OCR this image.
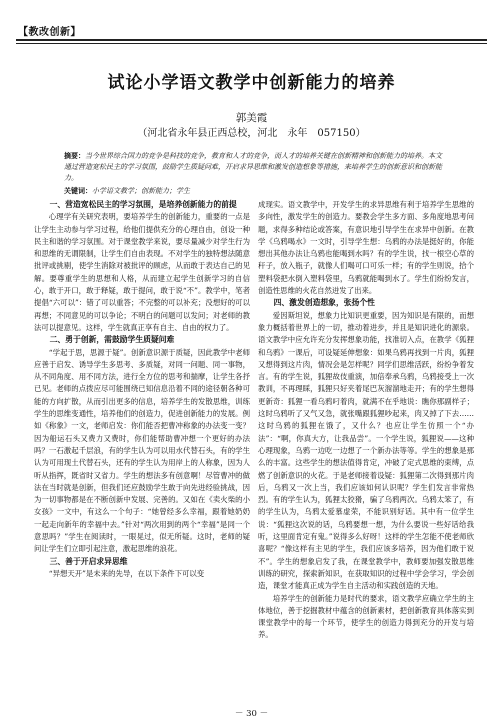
【教改创新】
试论小学语文教学中创新能力的培养
郭美霞
（河北省永年县正西总校，河北　永年　057150）
摘要：当今世界综合国力的竞争是科技的竞争，教育和人才的竞争，而人才的培养关键在创新精神和创新能力的培养。本文通过营造宽松民主的学习氛围，鼓励学生质疑问难，开启求异思维和激发创造想象等措施，来培养学生的创新意识和创新能力。
关键词：小学语文教学；创新能力；学生
一、营造宽松民主的学习氛围，是培养创新能力的前提

心理学有关研究表明，要培养学生的创新能力，重要的一点是让学生主动参与学习过程，给他们提供充分的心理自由，创设一种民主和谐的学习氛围。对于课堂教学来说，要尽量减少对学生行为和思维的无谓限制，让学生们自由表现。不对学生的独特想法随意批评或挑剔，使学生消除对被批评的顾虑，从而敢于表达自己的见解。要尊重学生的思想和人格，从而建立起学生创新学习的自信心，敢于开口，敢于释疑，敢于提问，敢于说“不”。教学中，笔者提倡“六可以”：错了可以重答；不完整的可以补充；没想好的可以再想；不同意见的可以争论；不明白的问题可以发问；对老师的教法可以提意见。这样，学生就真正享有自主、自由的权力了。

二、勇于创新，需鼓励学生质疑问难

“学起于思，思源于疑”。创新意识源于质疑，因此教学中老师应善于启发、诱导学生多思考、多质疑，对同一问题、同一事物，从不同角度、用不同方法，进行全方位的思考和揣摩，让学生各抒已见。老师的点拨应尽可能围绕已知信息沿着不同的途径朝各种可能的方向扩散，从而引出更多的信息，培养学生的发散思维，训练学生的思维变通性，培养他们的创造力，促进创新能力的发展。例如《称象》一文，老师启发：你们能否把曹冲称象的办法变一变？因为船运石头又费力又费时，你们能帮助曹冲想一个更好的办法吗？一石激起千层浪，有的学生认为可以用水代替石头，有的学生认为可用现土代替石头，还有的学生认为用岸上的人称象，因为人听从指挥，既省时又省力。学生的想法多有创意啊！尽管曹冲的做法在当时就是创新，但我们还应鼓励学生敢于向先进经验挑战，因为一切事物都是在不断创新中发展、完善的。又如在《卖火柴的小女孩》一文中，有这么一个句子：“她曾经多么幸福，跟着她奶奶一起走向新年的幸福中去。”针对“两次用到的两个“幸福”是同一个意思吗？”学生在阅读时，一眼晃过，似无所疑。这时，老师的疑问让学生们立即引起注意，激起思维的浪花。

三、善于开启求异思维

“异想天开”是未来的先导，在以下条件下可以变

成现实。语文教学中，开发学生的求异思维有利于培养学生思维的多向性，激发学生的创造力。要教会学生多方面、多角度地思考问题，求得多种结论或答案，有意识地引导学生在求异中创新。在教学《乌鸦喝水》一文时，引导学生想：乌鸦的办法是挺好的，你能想出其他办法让乌鸦也能喝到水吗？有的学生说，找一根空心草的秆子，放入瓶子，就像人们喝可口可乐一样；有的学生则说，拾个塑料袋把水倒入塑料袋里，乌鸦就能喝到水了。学生们纷纷发言，创造性思维的火花自然迸发了出来。

四、激发创造想象，张扬个性

爱因斯坦说，想象力比知识更重要，因为知识是有限的，而想象力概括着世界上的一切，推动着进步，并且是知识进化的源泉。语文教学中应允许充分发挥想象功能，找准切入点，在教学《狐狸和乌鸦》一课后，可设疑延伸想象：如果乌鸦再找到一片肉，狐狸又想得到这片肉，情况会是怎样呢？同学们思维活跃，纷纷争着发言。有的学生说，狐狸故伎重演，加倍奉承乌鸦，乌鸦接受上一次教训，不再理睬，狐狸只好夹着尾巴灰溜溜地走开；有的学生想得更新奇：狐狸一看乌鸦叼着肉，就满不在乎地说：瞧你那副样子；这时乌鸦听了又气又急，就张嘴跟狐狸吵起来，肉又掉了下去……这时乌鸦的狐狸在饿了，又什么？也应让学生仿照一个“办法”：“啊，你真大方，让我品尝”。一个学生说，狐狸说——这种心理现象，乌鸦一边吃一边想了一个新办法等等。学生的想象是那么的丰富。这些学生的想法值得肯定，冲破了定式思维的束缚，点燃了创新意识的火花。于是老师接着设疑：狐狸第二次得到那片肉后，乌鸦又一次上当，我们应该如何认识呢？学生们发言非常热烈。有的学生认为，狐狸太狡猾，骗了乌鸦两次。乌鸦太笨了，有的学生认为，乌鸦太爱慕虚荣，不能识别好话。其中有一位学生说：“狐狸这次说的话，乌鸦要想一想，为什么要说一些好话给我听，这里面肯定有鬼。”说得多么好呀！这样的学生怎能不使老师欣喜呢？“像这样有主见的学生，我们应该多培养，因为他们敢于说不”。学生的想象启发了我，在课堂教学中，教师要加强发散思维训练的研究，探索新知识，在获取知识的过程中学会学习，学会创造，课堂才能真正成为学生自主活动和实践创造的天地。

培养学生的创新能力是时代的要求，语文教学应确立学生的主体地位，善于挖掘教材中蕴含的创新素材，把创新教育具体落实到课堂教学中的每一个环节，使学生的创造力得到充分的开发与培养。

－ 30 －
